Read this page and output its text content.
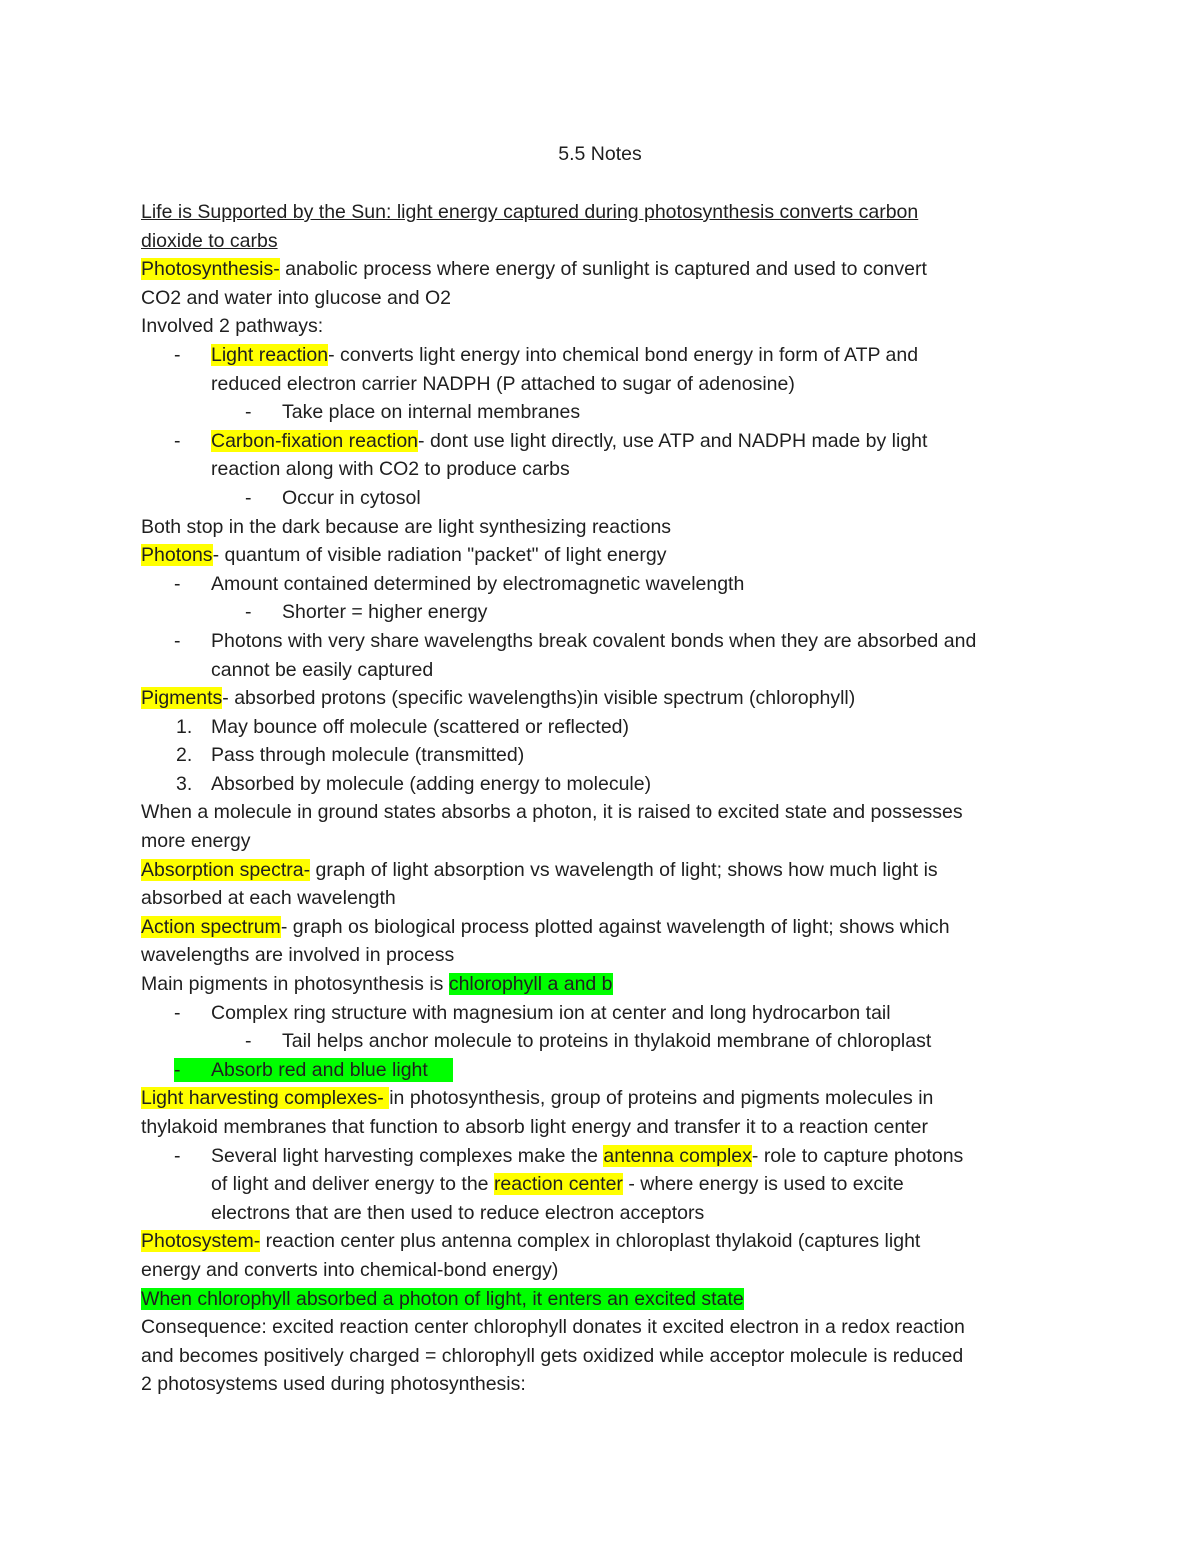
5.5 Notes
Life is Supported by the Sun: light energy captured during photosynthesis converts carbon
dioxide to carbs
Photosynthesis- anabolic process where energy of sunlight is captured and used to convert
CO2 and water into glucose and O2
Involved 2 pathways:
- Light reaction- converts light energy into chemical bond energy in form of ATP and
reduced electron carrier NADPH (P attached to sugar of adenosine)
- Take place on internal membranes
- Carbon-fixation reaction- dont use light directly, use ATP and NADPH made by light
reaction along with CO2 to produce carbs
- Occur in cytosol
Both stop in the dark because are light synthesizing reactions
Photons- quantum of visible radiation "packet" of light energy
- Amount contained determined by electromagnetic wavelength
- Shorter = higher energy
- Photons with very share wavelengths break covalent bonds when they are absorbed and
cannot be easily captured
Pigments- absorbed protons (specific wavelengths)in visible spectrum (chlorophyll)
1. May bounce off molecule (scattered or reflected)
2. Pass through molecule (transmitted)
3. Absorbed by molecule (adding energy to molecule)
When a molecule in ground states absorbs a photon, it is raised to excited state and possesses
more energy
Absorption spectra- graph of light absorption vs wavelength of light; shows how much light is
absorbed at each wavelength
Action spectrum- graph os biological process plotted against wavelength of light; shows which
wavelengths are involved in process
Main pigments in photosynthesis is chlorophyll a and b
- Complex ring structure with magnesium ion at center and long hydrocarbon tail
- Tail helps anchor molecule to proteins in thylakoid membrane of chloroplast
- Absorb red and blue light
Light harvesting complexes- in photosynthesis, group of proteins and pigments molecules in
thylakoid membranes that function to absorb light energy and transfer it to a reaction center
- Several light harvesting complexes make the antenna complex- role to capture photons
of light and deliver energy to the reaction center - where energy is used to excite
electrons that are then used to reduce electron acceptors
Photosystem- reaction center plus antenna complex in chloroplast thylakoid (captures light
energy and converts into chemical-bond energy)
When chlorophyll absorbed a photon of light, it enters an excited state
Consequence: excited reaction center chlorophyll donates it excited electron in a redox reaction
and becomes positively charged = chlorophyll gets oxidized while acceptor molecule is reduced
2 photosystems used during photosynthesis:
